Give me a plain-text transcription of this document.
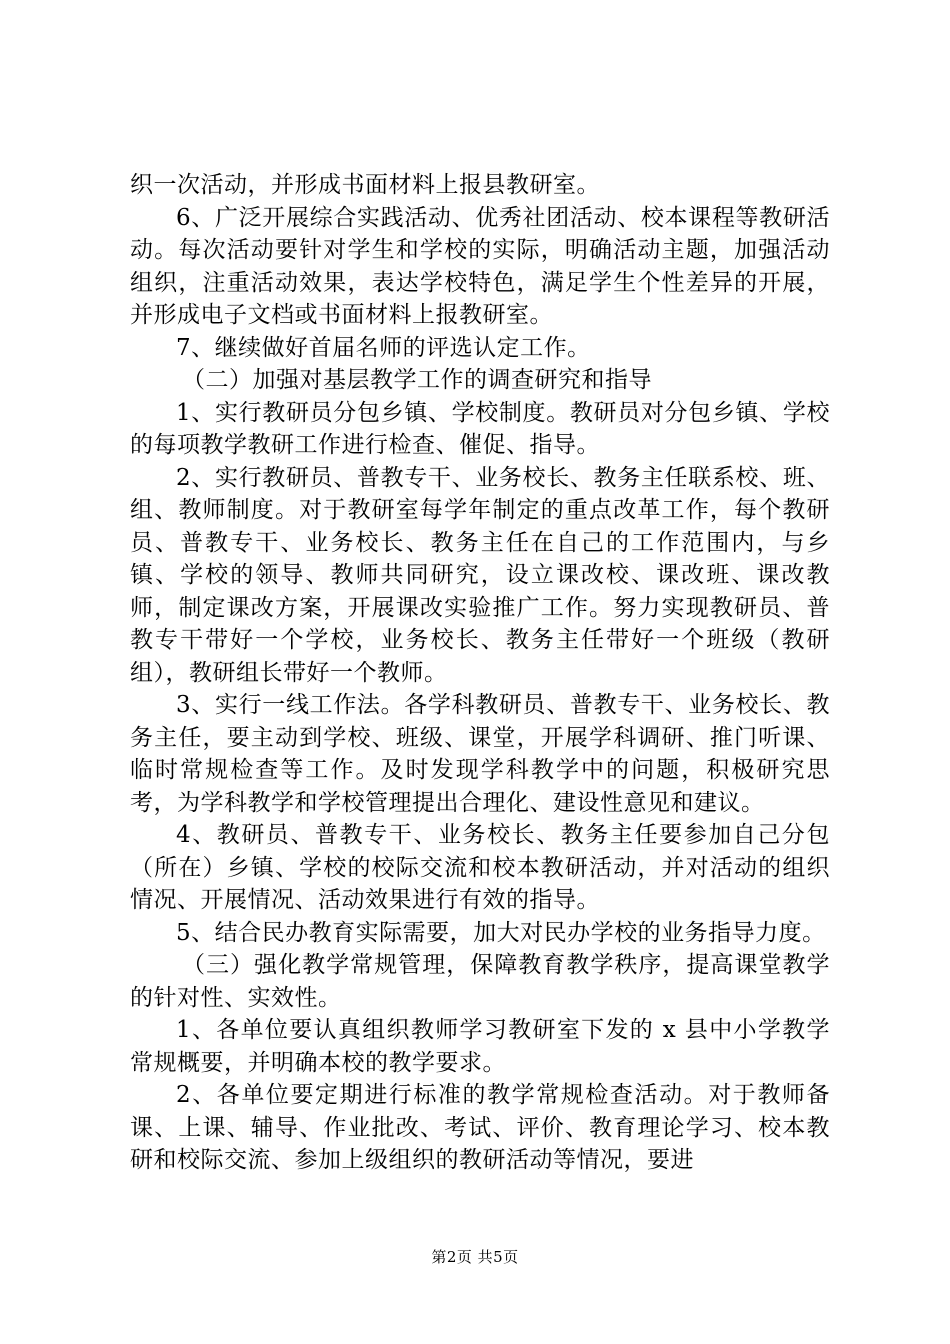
织一次活动，并形成书面材料上报县教研室。

6、广泛开展综合实践活动、优秀社团活动、校本课程等教研活动。每次活动要针对学生和学校的实际，明确活动主题，加强活动组织，注重活动效果，表达学校特色，满足学生个性差异的开展，并形成电子文档或书面材料上报教研室。

7、继续做好首届名师的评选认定工作。

（二）加强对基层教学工作的调查研究和指导

1、实行教研员分包乡镇、学校制度。教研员对分包乡镇、学校的每项教学教研工作进行检查、催促、指导。

2、实行教研员、普教专干、业务校长、教务主任联系校、班、组、教师制度。对于教研室每学年制定的重点改革工作，每个教研员、普教专干、业务校长、教务主任在自己的工作范围内，与乡镇、学校的领导、教师共同研究，设立课改校、课改班、课改教师，制定课改方案，开展课改实验推广工作。努力实现教研员、普教专干带好一个学校，业务校长、教务主任带好一个班级（教研组），教研组长带好一个教师。

3、实行一线工作法。各学科教研员、普教专干、业务校长、教务主任，要主动到学校、班级、课堂，开展学科调研、推门听课、临时常规检查等工作。及时发现学科教学中的问题，积极研究思考，为学科教学和学校管理提出合理化、建设性意见和建议。

4、教研员、普教专干、业务校长、教务主任要参加自己分包（所在）乡镇、学校的校际交流和校本教研活动，并对活动的组织情况、开展情况、活动效果进行有效的指导。

5、结合民办教育实际需要，加大对民办学校的业务指导力度。

（三）强化教学常规管理，保障教育教学秩序，提高课堂教学的针对性、实效性。

1、各单位要认真组织教师学习教研室下发的 x 县中小学教学常规概要，并明确本校的教学要求。

2、各单位要定期进行标准的教学常规检查活动。对于教师备课、上课、辅导、作业批改、考试、评价、教育理论学习、校本教研和校际交流、参加上级组织的教研活动等情况，要进

第2页 共5页
